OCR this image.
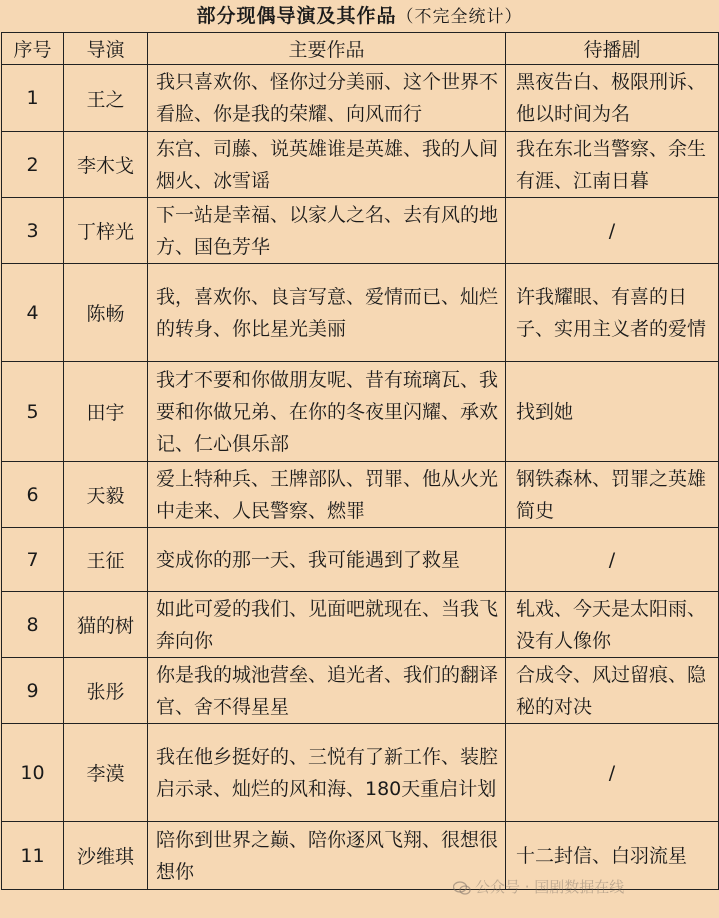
部分现偶导演及其作品（不完全统计）
序号	导演	主要作品	待播剧
1	王之	我只喜欢你、怪你过分美丽、这个世界不看脸、你是我的荣耀、向风而行	黑夜告白、极限刑诉、他以时间为名
2	李木戈	东宫、司藤、说英雄谁是英雄、我的人间烟火、冰雪谣	我在东北当警察、余生有涯、江南日暮
3	丁梓光	下一站是幸福、以家人之名、去有风的地方、国色芳华	/
4	陈畅	我，喜欢你、良言写意、爱情而已、灿烂的转身、你比星光美丽	许我耀眼、有喜的日子、实用主义者的爱情
5	田宇	我才不要和你做朋友呢、昔有琉璃瓦、我要和你做兄弟、在你的冬夜里闪耀、承欢记、仁心俱乐部	找到她
6	天毅	爱上特种兵、王牌部队、罚罪、他从火光中走来、人民警察、燃罪	钢铁森林、罚罪之英雄简史
7	王征	变成你的那一天、我可能遇到了救星	/
8	猫的树	如此可爱的我们、见面吧就现在、当我飞奔向你	轧戏、今天是太阳雨、没有人像你
9	张彤	你是我的城池营垒、追光者、我们的翻译官、舍不得星星	合成令、风过留痕、隐秘的对决
10	李漠	我在他乡挺好的、三悦有了新工作、装腔启示录、灿烂的风和海、180天重启计划	/
11	沙维琪	陪你到世界之巅、陪你逐风飞翔、很想很想你	十二封信、白羽流星
公众号 · 国剧数据在线
